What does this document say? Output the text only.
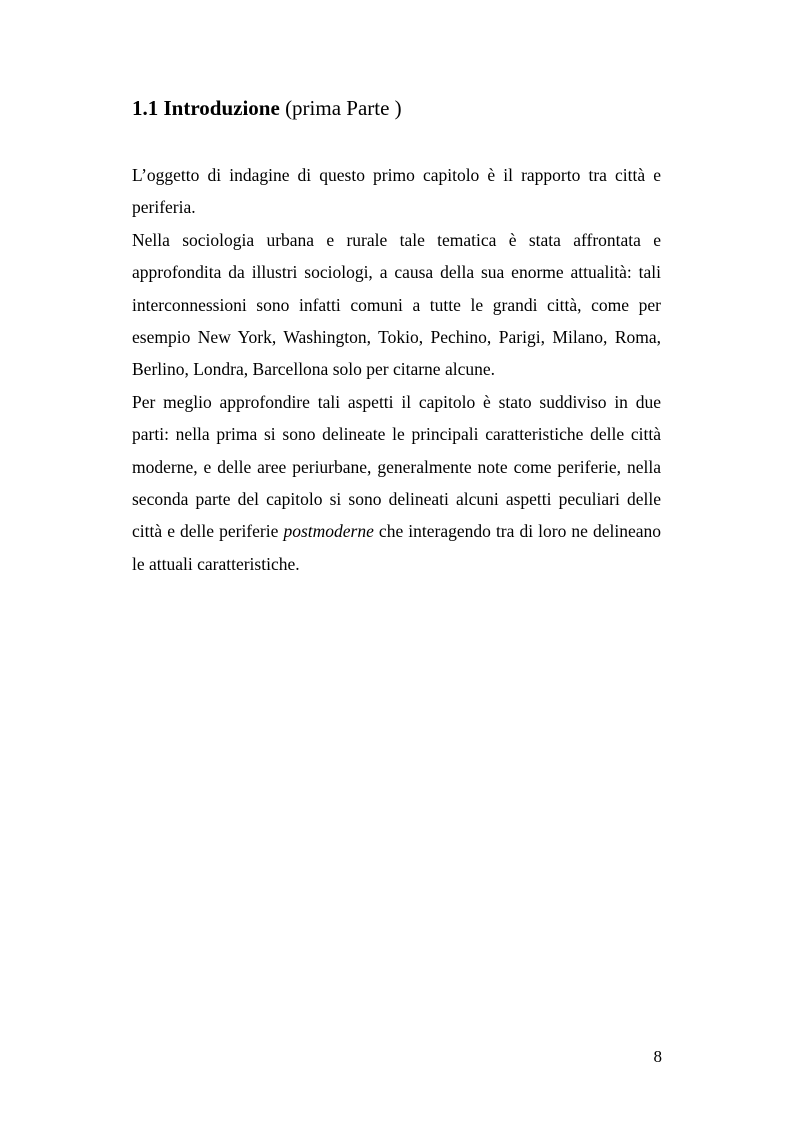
1.1 Introduzione (prima Parte )

L’oggetto di indagine di questo primo capitolo è il rapporto tra città e periferia.

Nella sociologia urbana e rurale tale tematica è stata affrontata e approfondita da illustri sociologi, a causa della sua enorme attualità: tali interconnessioni sono infatti comuni a tutte le grandi città, come per esempio New York, Washington, Tokio, Pechino, Parigi, Milano, Roma, Berlino, Londra, Barcellona solo per citarne alcune.

Per meglio approfondire tali aspetti il capitolo è stato suddiviso in due parti: nella prima si sono delineate le principali caratteristiche delle città moderne, e delle aree periurbane, generalmente note come periferie, nella seconda parte del capitolo si sono delineati alcuni aspetti peculiari delle città e delle periferie postmoderne che interagendo tra di loro ne delineano le attuali caratteristiche.

8
